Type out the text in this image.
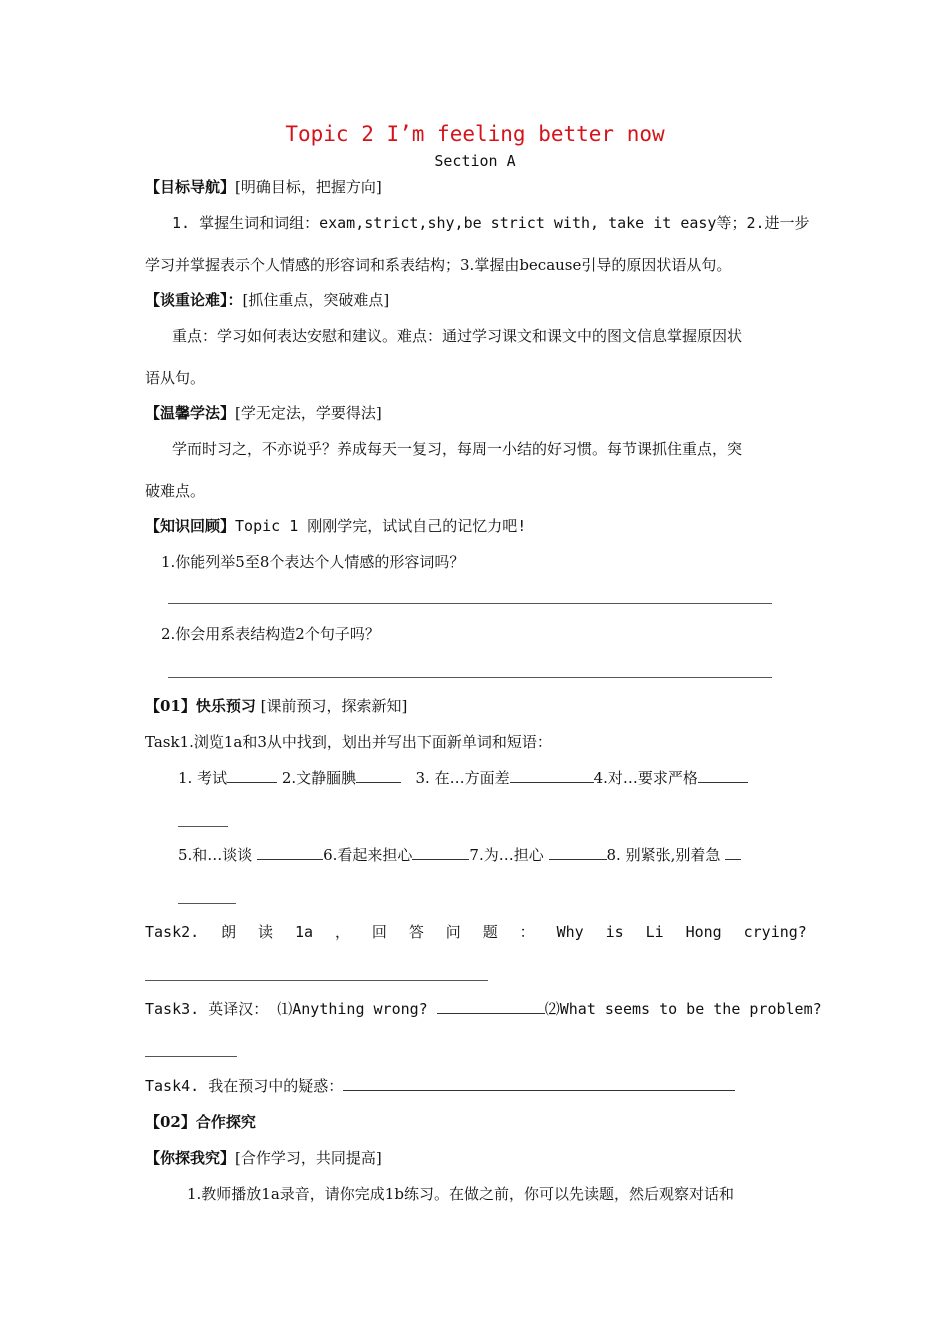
Topic 2 I’m feeling better now
Section A
【目标导航】[明确目标，把握方向]
1. 掌握生词和词组：exam,strict,shy,be strict with, take it easy等；2.进一步
学习并掌握表示个人情感的形容词和系表结构；3.掌握由because引导的原因状语从句。
【谈重论难】：[抓住重点，突破难点]
重点：学习如何表达安慰和建议。难点：通过学习课文和课文中的图文信息掌握原因状
语从句。
【温馨学法】[学无定法，学要得法]
学而时习之，不亦说乎？养成每天一复习，每周一小结的好习惯。每节课抓住重点，突
破难点。
【知识回顾】Topic 1 刚刚学完，试试自己的记忆力吧!
1.你能列举5至8个表达个人情感的形容词吗？
2.你会用系表结构造2个句子吗？
【01】快乐预习 [课前预习，探索新知]
Task1.浏览1a和3从中找到，划出并写出下面新单词和短语：
1. 考试	2.文静腼腆	3. 在…方面差	4.对…要求严格
5.和…谈谈	6.看起来担心	7.为…担心	8. 别紧张,别着急
Task2. 朗 读 1a ， 回 答 问 题 ： Why is Li Hong crying?
Task3. 英译汉： ⑴Anything wrong?	⑵What seems to be the problem?
Task4. 我在预习中的疑惑：
【02】合作探究
【你探我究】[合作学习，共同提高]
1.教师播放1a录音，请你完成1b练习。在做之前，你可以先读题，然后观察对话和
